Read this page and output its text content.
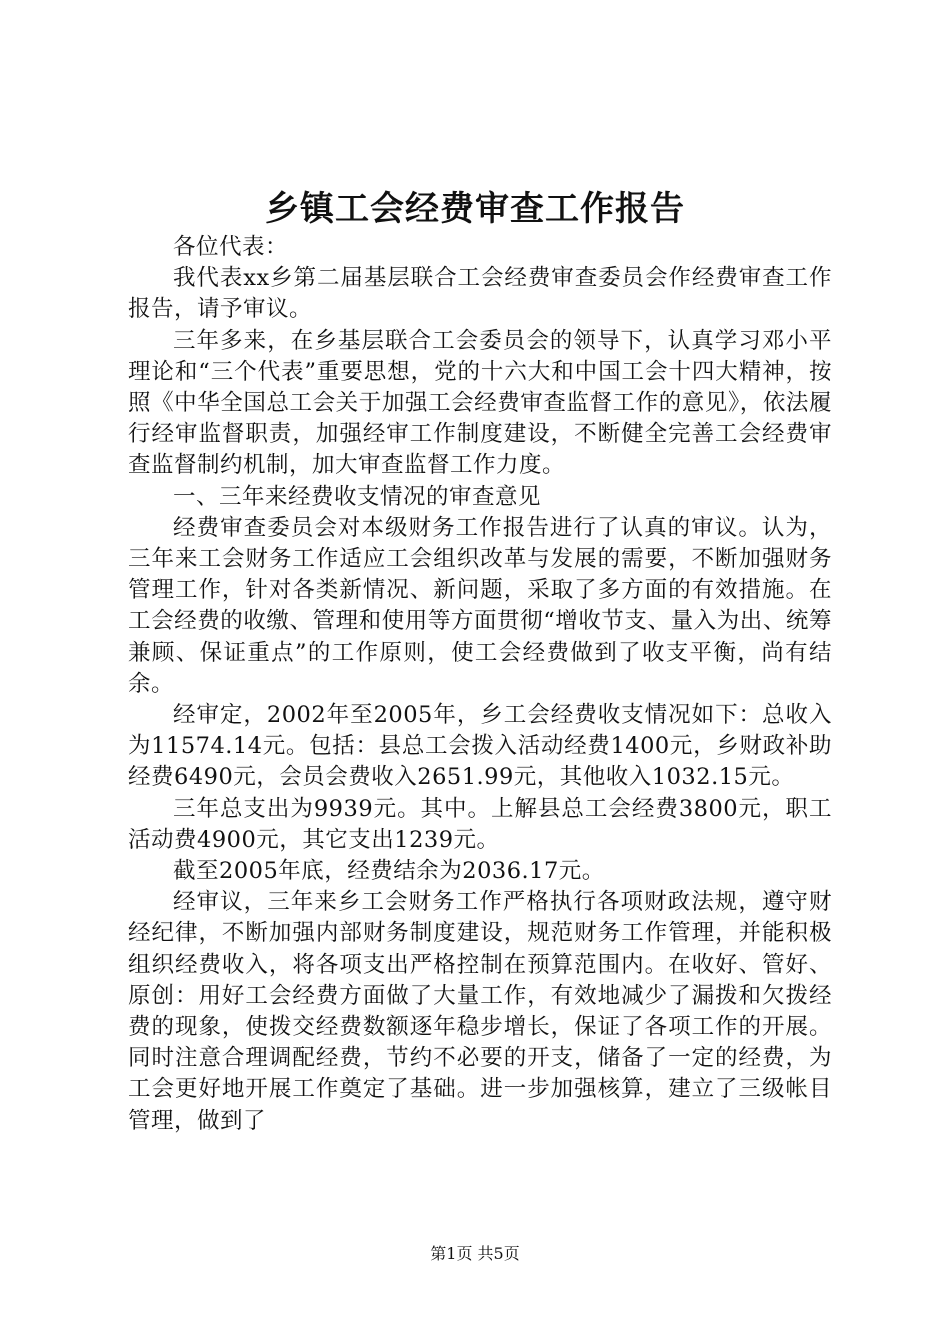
乡镇工会经费审查工作报告

各位代表：

我代表xx乡第二届基层联合工会经费审查委员会作经费审查工作报告，请予审议。

三年多来，在乡基层联合工会委员会的领导下，认真学习邓小平理论和“三个代表”重要思想，党的十六大和中国工会十四大精神，按照《中华全国总工会关于加强工会经费审查监督工作的意见》，依法履行经审监督职责，加强经审工作制度建设，不断健全完善工会经费审查监督制约机制，加大审查监督工作力度。

一、三年来经费收支情况的审查意见

经费审查委员会对本级财务工作报告进行了认真的审议。认为，三年来工会财务工作适应工会组织改革与发展的需要，不断加强财务管理工作，针对各类新情况、新问题，采取了多方面的有效措施。在工会经费的收缴、管理和使用等方面贯彻“增收节支、量入为出、统筹兼顾、保证重点”的工作原则，使工会经费做到了收支平衡，尚有结余。

经审定，2002年至2005年，乡工会经费收支情况如下：总收入为11574.14元。包括：县总工会拨入活动经费1400元，乡财政补助经费6490元，会员会费收入2651.99元，其他收入1032.15元。

三年总支出为9939元。其中。上解县总工会经费3800元，职工活动费4900元，其它支出1239元。

截至2005年底，经费结余为2036.17元。

经审议，三年来乡工会财务工作严格执行各项财政法规，遵守财经纪律，不断加强内部财务制度建设，规范财务工作管理，并能积极组织经费收入，将各项支出严格控制在预算范围内。在收好、管好、原创：用好工会经费方面做了大量工作，有效地减少了漏拨和欠拨经费的现象，使拨交经费数额逐年稳步增长，保证了各项工作的开展。同时注意合理调配经费，节约不必要的开支，储备了一定的经费，为工会更好地开展工作奠定了基础。进一步加强核算，建立了三级帐目管理，做到了

第1页 共5页
